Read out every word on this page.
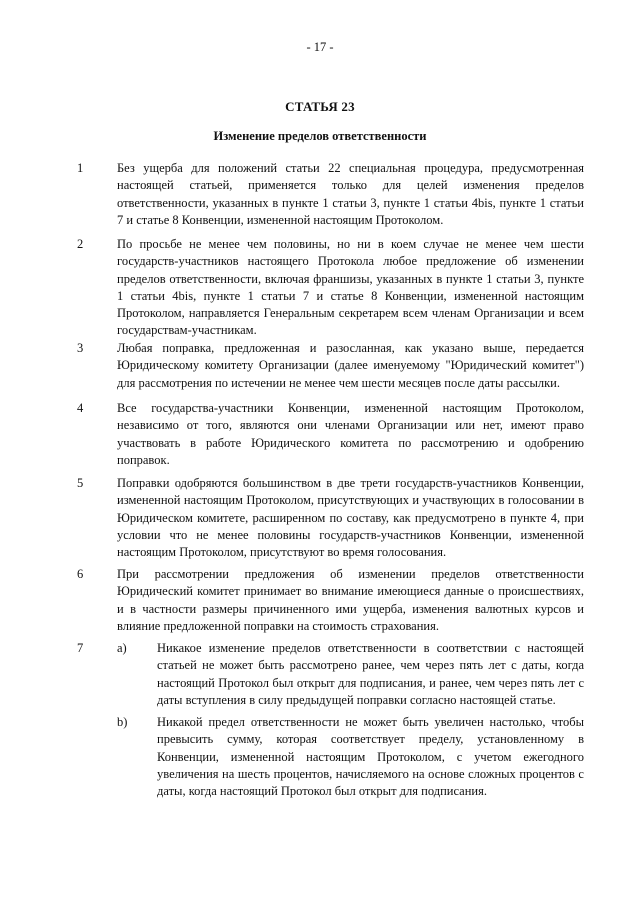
- 17 -
СТАТЬЯ 23
Изменение пределов ответственности
1	Без ущерба для положений статьи 22 специальная процедура, предусмотренная настоящей статьей, применяется только для целей изменения пределов ответственности, указанных в пункте 1 статьи 3, пункте 1 статьи 4bis, пункте 1 статьи 7 и статье 8 Конвенции, измененной настоящим Протоколом.
2	По просьбе не менее чем половины, но ни в коем случае не менее чем шести государств-участников настоящего Протокола любое предложение об изменении пределов ответственности, включая франшизы, указанных в пункте 1 статьи 3, пункте 1 статьи 4bis, пункте 1 статьи 7 и статье 8 Конвенции, измененной настоящим Протоколом, направляется Генеральным секретарем всем членам Организации и всем государствам-участникам.
3	Любая поправка, предложенная и разосланная, как указано выше, передается Юридическому комитету Организации (далее именуемому "Юридический комитет") для рассмотрения по истечении не менее чем шести месяцев после даты рассылки.
4	Все государства-участники Конвенции, измененной настоящим Протоколом, независимо от того, являются они членами Организации или нет, имеют право участвовать в работе Юридического комитета по рассмотрению и одобрению поправок.
5	Поправки одобряются большинством в две трети государств-участников Конвенции, измененной настоящим Протоколом, присутствующих и участвующих в голосовании в Юридическом комитете, расширенном по составу, как предусмотрено в пункте 4, при условии что не менее половины государств-участников Конвенции, измененной настоящим Протоколом, присутствуют во время голосования.
6	При рассмотрении предложения об изменении пределов ответственности Юридический комитет принимает во внимание имеющиеся данные о происшествиях, и в частности размеры причиненного ими ущерба, изменения валютных курсов и влияние предложенной поправки на стоимость страхования.
7	a) Никакое изменение пределов ответственности в соответствии с настоящей статьей не может быть рассмотрено ранее, чем через пять лет с даты, когда настоящий Протокол был открыт для подписания, и ранее, чем через пять лет с даты вступления в силу предыдущей поправки согласно настоящей статье.
b) Никакой предел ответственности не может быть увеличен настолько, чтобы превысить сумму, которая соответствует пределу, установленному в Конвенции, измененной настоящим Протоколом, с учетом ежегодного увеличения на шесть процентов, начисляемого на основе сложных процентов с даты, когда настоящий Протокол был открыт для подписания.
